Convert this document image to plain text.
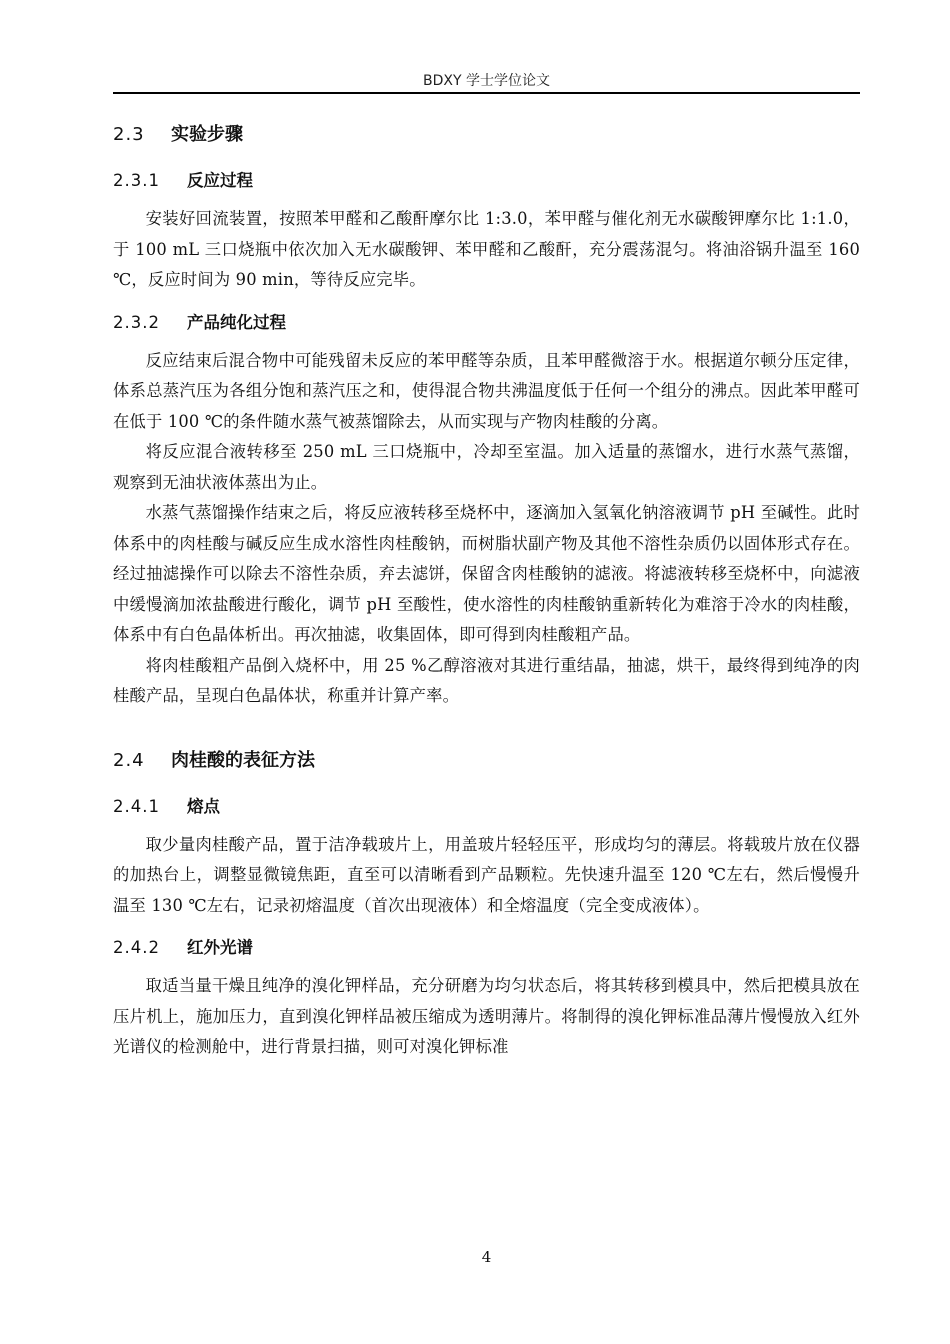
BDXY 学士学位论文
2.3 实验步骤
2.3.1 反应过程

安装好回流装置，按照苯甲醛和乙酸酐摩尔比 1:3.0，苯甲醛与催化剂无水碳酸钾摩尔比 1:1.0，于 100 mL 三口烧瓶中依次加入无水碳酸钾、苯甲醛和乙酸酐，充分震荡混匀。将油浴锅升温至 160 ℃，反应时间为 90 min，等待反应完毕。

2.3.2 产品纯化过程

反应结束后混合物中可能残留未反应的苯甲醛等杂质，且苯甲醛微溶于水。根据道尔顿分压定律，体系总蒸汽压为各组分饱和蒸汽压之和，使得混合物共沸温度低于任何一个组分的沸点。因此苯甲醛可在低于 100 ℃的条件随水蒸气被蒸馏除去，从而实现与产物肉桂酸的分离。

将反应混合液转移至 250 mL 三口烧瓶中，冷却至室温。加入适量的蒸馏水，进行水蒸气蒸馏，观察到无油状液体蒸出为止。

水蒸气蒸馏操作结束之后，将反应液转移至烧杯中，逐滴加入氢氧化钠溶液调节 pH 至碱性。此时体系中的肉桂酸与碱反应生成水溶性肉桂酸钠，而树脂状副产物及其他不溶性杂质仍以固体形式存在。经过抽滤操作可以除去不溶性杂质，弃去滤饼，保留含肉桂酸钠的滤液。将滤液转移至烧杯中，向滤液中缓慢滴加浓盐酸进行酸化，调节 pH 至酸性，使水溶性的肉桂酸钠重新转化为难溶于冷水的肉桂酸，体系中有白色晶体析出。再次抽滤，收集固体，即可得到肉桂酸粗产品。

将肉桂酸粗产品倒入烧杯中，用 25 %乙醇溶液对其进行重结晶，抽滤，烘干，最终得到纯净的肉桂酸产品，呈现白色晶体状，称重并计算产率。

2.4 肉桂酸的表征方法
2.4.1 熔点

取少量肉桂酸产品，置于洁净载玻片上，用盖玻片轻轻压平，形成均匀的薄层。将载玻片放在仪器的加热台上，调整显微镜焦距，直至可以清晰看到产品颗粒。先快速升温至 120 ℃左右，然后慢慢升温至 130 ℃左右，记录初熔温度（首次出现液体）和全熔温度（完全变成液体）。

2.4.2 红外光谱

取适当量干燥且纯净的溴化钾样品，充分研磨为均匀状态后，将其转移到模具中，然后把模具放在压片机上，施加压力，直到溴化钾样品被压缩成为透明薄片。将制得的溴化钾标准品薄片慢慢放入红外光谱仪的检测舱中，进行背景扫描，则可对溴化钾标准

4
